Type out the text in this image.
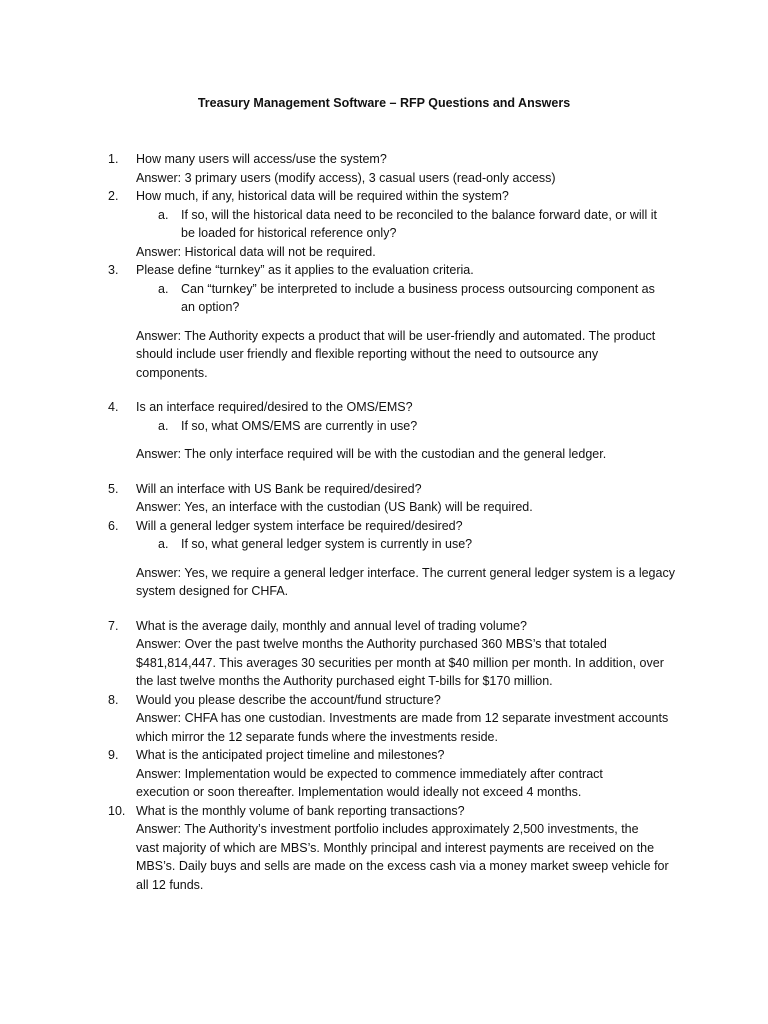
Treasury Management Software – RFP Questions and Answers
1.	How many users will access/use the system?
Answer: 3 primary users (modify access), 3 casual users (read-only access)
2.	How much, if any, historical data will be required within the system?
a. If so, will the historical data need to be reconciled to the balance forward date, or will it
be loaded for historical reference only?
Answer: Historical data will not be required.
3.	Please define “turnkey” as it applies to the evaluation criteria.
a. Can “turnkey” be interpreted to include a business process outsourcing component as
an option?
Answer: The Authority expects a product that will be user-friendly and automated. The product
should include user friendly and flexible reporting without the need to outsource any
components.
4.	Is an interface required/desired to the OMS/EMS?
a. If so, what OMS/EMS are currently in use?
Answer: The only interface required will be with the custodian and the general ledger.
5.	Will an interface with US Bank be required/desired?
Answer: Yes, an interface with the custodian (US Bank) will be required.
6.	Will a general ledger system interface be required/desired?
a. If so, what general ledger system is currently in use?
Answer: Yes, we require a general ledger interface. The current general ledger system is a legacy
system designed for CHFA.
7.	What is the average daily, monthly and annual level of trading volume?
Answer: Over the past twelve months the Authority purchased 360 MBS’s that totaled
$481,814,447. This averages 30 securities per month at $40 million per month. In addition, over
the last twelve months the Authority purchased eight T-bills for $170 million.
8.	Would you please describe the account/fund structure?
Answer: CHFA has one custodian. Investments are made from 12 separate investment accounts
which mirror the 12 separate funds where the investments reside.
9.	What is the anticipated project timeline and milestones?
Answer: Implementation would be expected to commence immediately after contract
execution or soon thereafter. Implementation would ideally not exceed 4 months.
10. What is the monthly volume of bank reporting transactions?
Answer: The Authority’s investment portfolio includes approximately 2,500 investments, the
vast majority of which are MBS’s. Monthly principal and interest payments are received on the
MBS’s. Daily buys and sells are made on the excess cash via a money market sweep vehicle for
all 12 funds.
